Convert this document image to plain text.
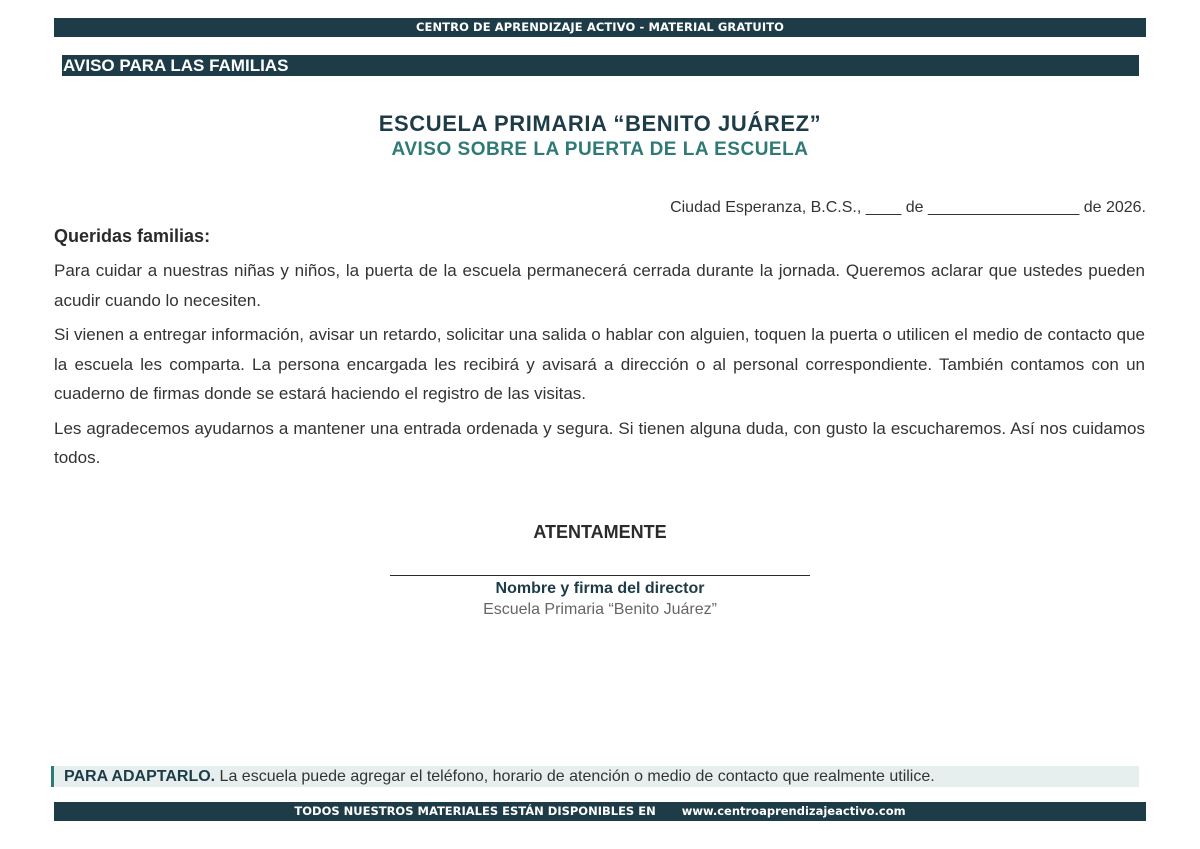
CENTRO DE APRENDIZAJE ACTIVO - MATERIAL GRATUITO
AVISO PARA LAS FAMILIAS
ESCUELA PRIMARIA “BENITO JUÁREZ”
AVISO SOBRE LA PUERTA DE LA ESCUELA
Ciudad Esperanza, B.C.S., ____ de _________________ de 2026.
Queridas familias:

Para cuidar a nuestras niñas y niños, la puerta de la escuela permanecerá cerrada durante la jornada. Queremos aclarar que ustedes pueden acudir cuando lo necesiten.

Si vienen a entregar información, avisar un retardo, solicitar una salida o hablar con alguien, toquen la puerta o utilicen el medio de contacto que la escuela les comparta. La persona encargada les recibirá y avisará a dirección o al personal correspondiente. También contamos con un cuaderno de firmas donde se estará haciendo el registro de las visitas.

Les agradecemos ayudarnos a mantener una entrada ordenada y segura. Si tienen alguna duda, con gusto la escucharemos. Así nos cuidamos todos.

ATENTAMENTE
Nombre y firma del director
Escuela Primaria “Benito Juárez”
PARA ADAPTARLO. La escuela puede agregar el teléfono, horario de atención o medio de contacto que realmente utilice.
TODOS NUESTROS MATERIALES ESTÁN DISPONIBLES EN www.centroaprendizajeactivo.com
